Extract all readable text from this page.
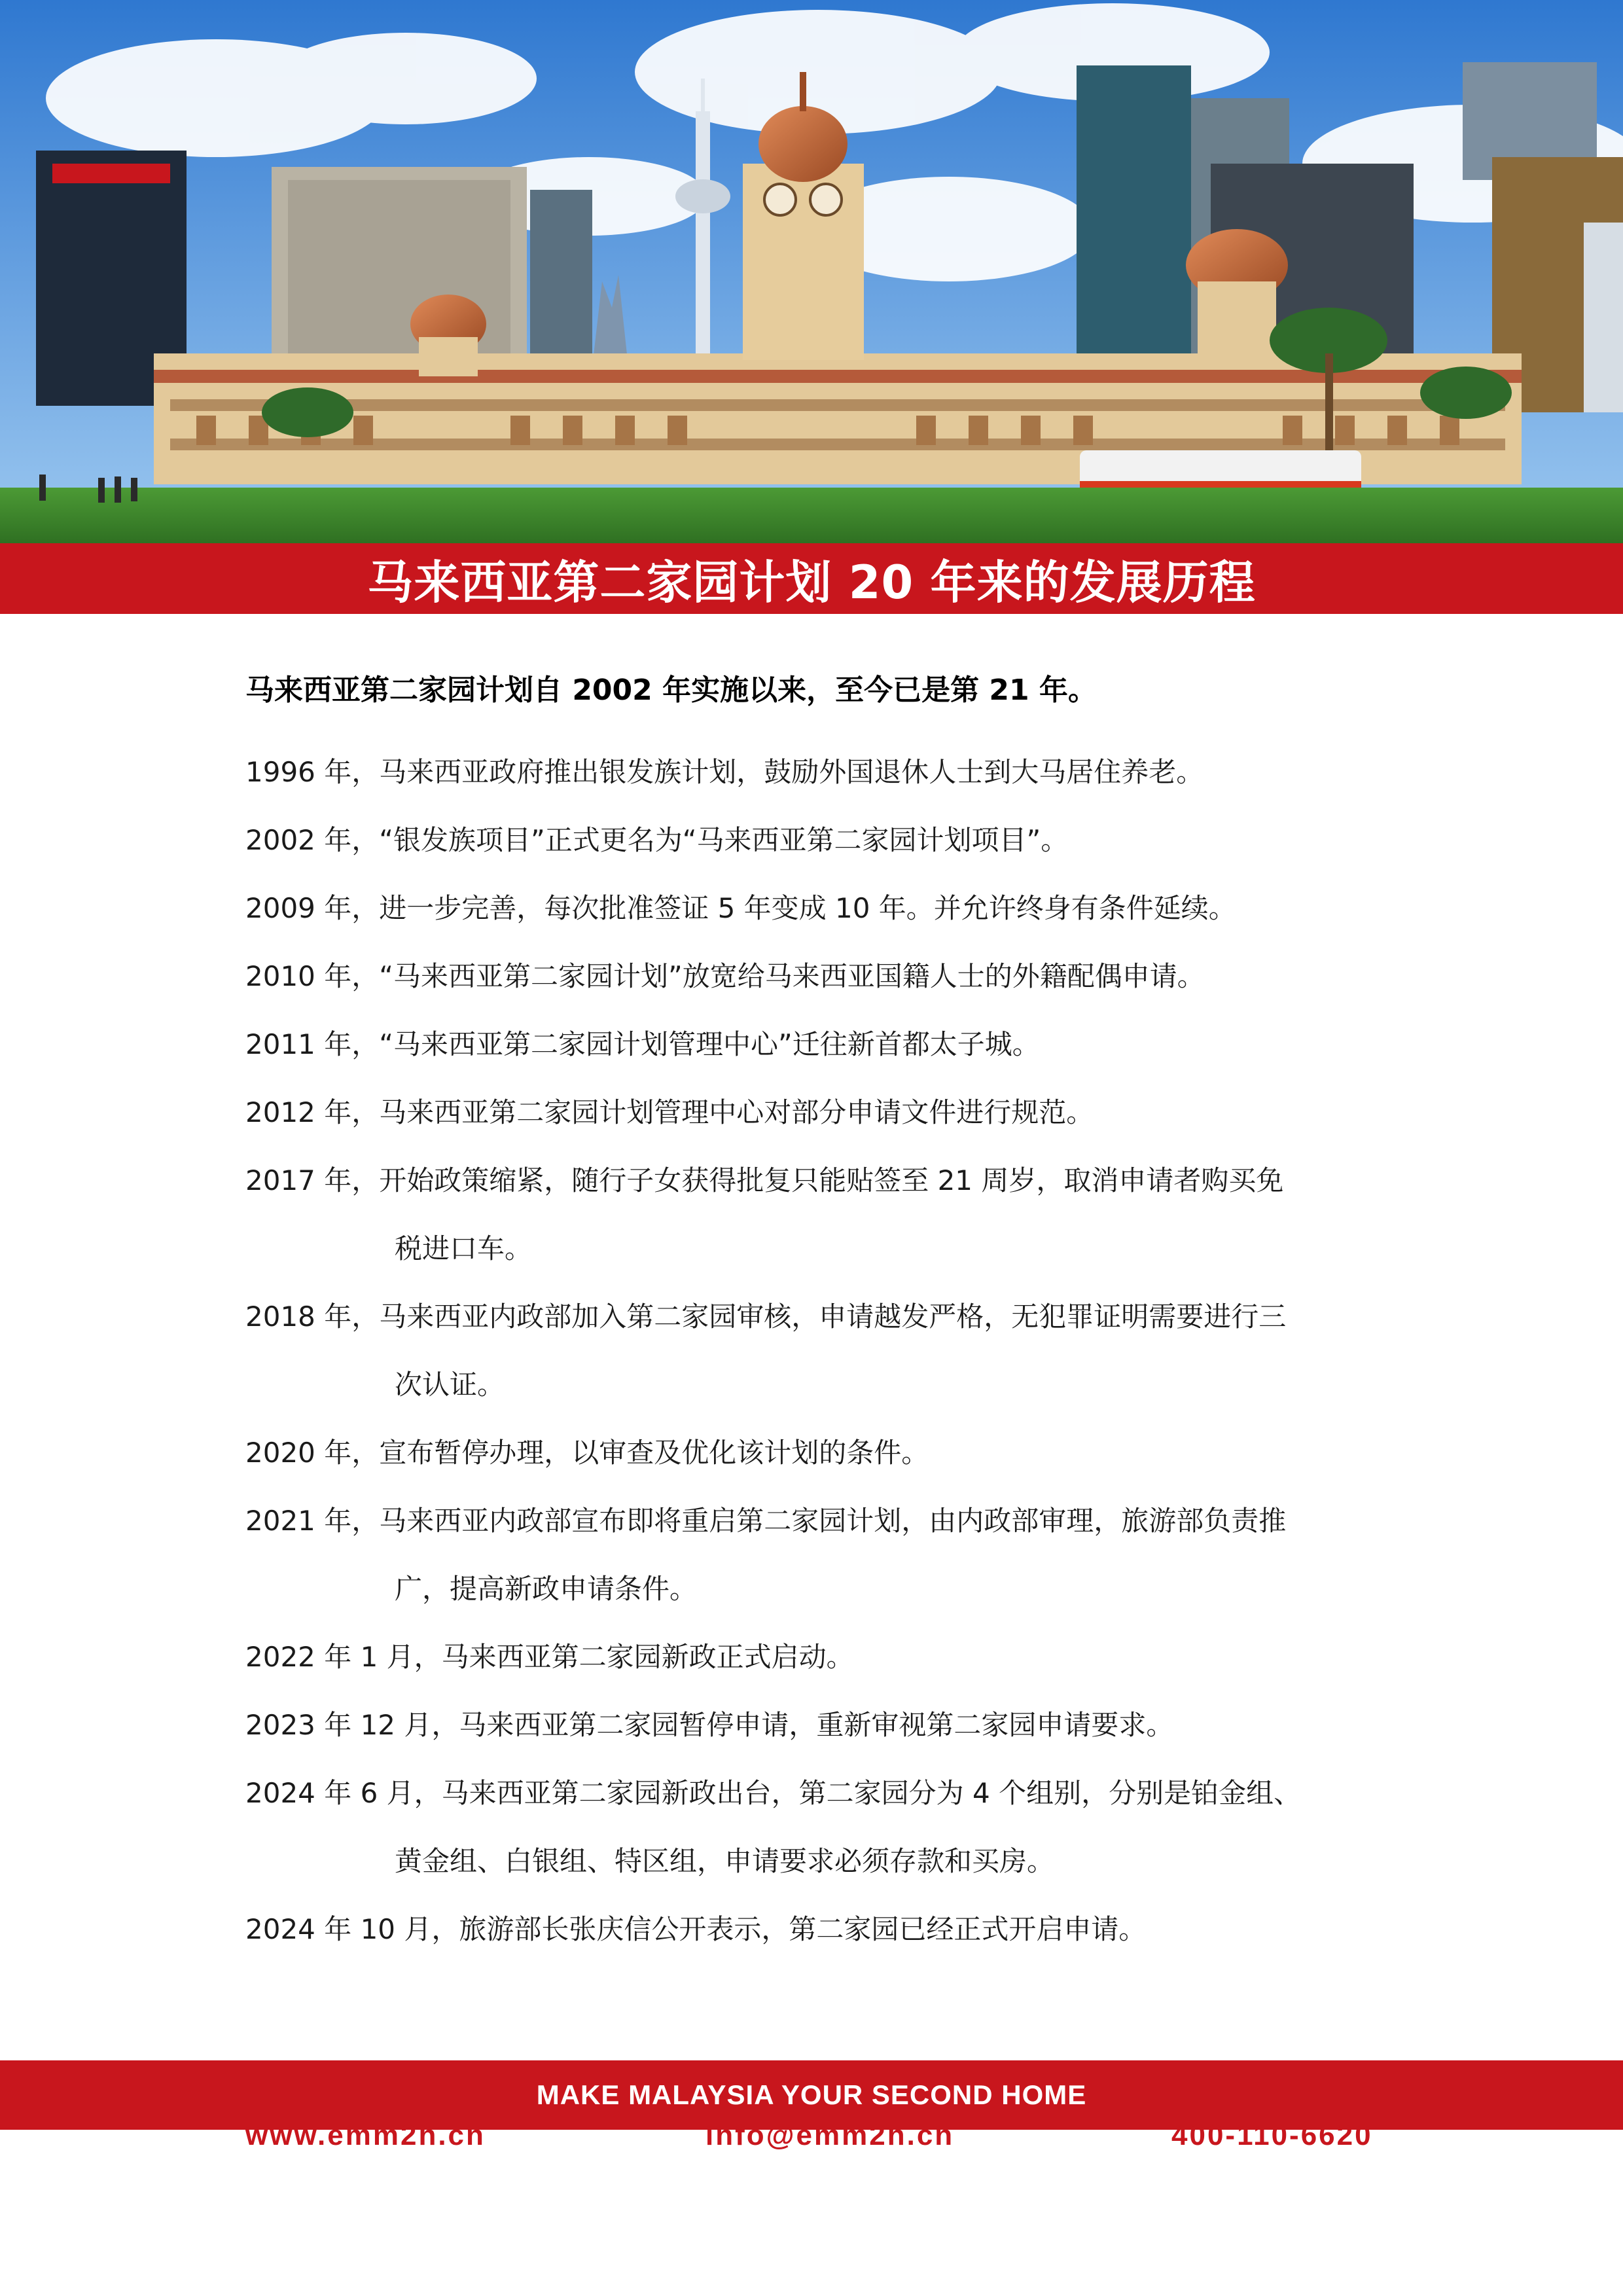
马来西亚第二家园计划 20 年来的发展历程

马来西亚第二家园计划自 2002 年实施以来，至今已是第 21 年。

1996 年，马来西亚政府推出银发族计划，鼓励外国退休人士到大马居住养老。
2002 年，“银发族项目”正式更名为“马来西亚第二家园计划项目”。
2009 年，进一步完善，每次批准签证 5 年变成 10 年。并允许终身有条件延续。
2010 年，“马来西亚第二家园计划”放宽给马来西亚国籍人士的外籍配偶申请。
2011 年，“马来西亚第二家园计划管理中心”迁往新首都太子城。
2012 年，马来西亚第二家园计划管理中心对部分申请文件进行规范。
2017 年，开始政策缩紧，随行子女获得批复只能贴签至 21 周岁，取消申请者购买免
税进口车。
2018 年，马来西亚内政部加入第二家园审核，申请越发严格，无犯罪证明需要进行三
次认证。
2020 年，宣布暂停办理，以审查及优化该计划的条件。
2021 年，马来西亚内政部宣布即将重启第二家园计划，由内政部审理，旅游部负责推
广，提高新政申请条件。
2022 年 1 月，马来西亚第二家园新政正式启动。
2023 年 12 月，马来西亚第二家园暂停申请，重新审视第二家园申请要求。
2024 年 6 月，马来西亚第二家园新政出台，第二家园分为 4 个组别，分别是铂金组、
黄金组、白银组、特区组，申请要求必须存款和买房。
2024 年 10 月，旅游部长张庆信公开表示，第二家园已经正式开启申请。
MAKE MALAYSIA YOUR SECOND HOME
www.emm2h.cn	info@emm2h.cn	400-110-6620
